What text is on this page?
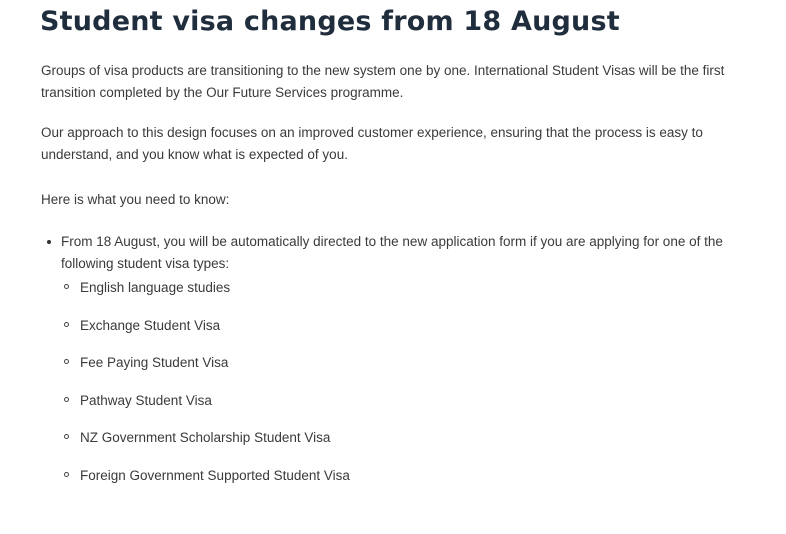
Student visa changes from 18 August

Groups of visa products are transitioning to the new system one by one. International Student Visas will be the first transition completed by the Our Future Services programme.

Our approach to this design focuses on an improved customer experience, ensuring that the process is easy to understand, and you know what is expected of you.

Here is what you need to know:

From 18 August, you will be automatically directed to the new application form if you are applying for one of the following student visa types:
English language studies
Exchange Student Visa
Fee Paying Student Visa
Pathway Student Visa
NZ Government Scholarship Student Visa
Foreign Government Supported Student Visa
